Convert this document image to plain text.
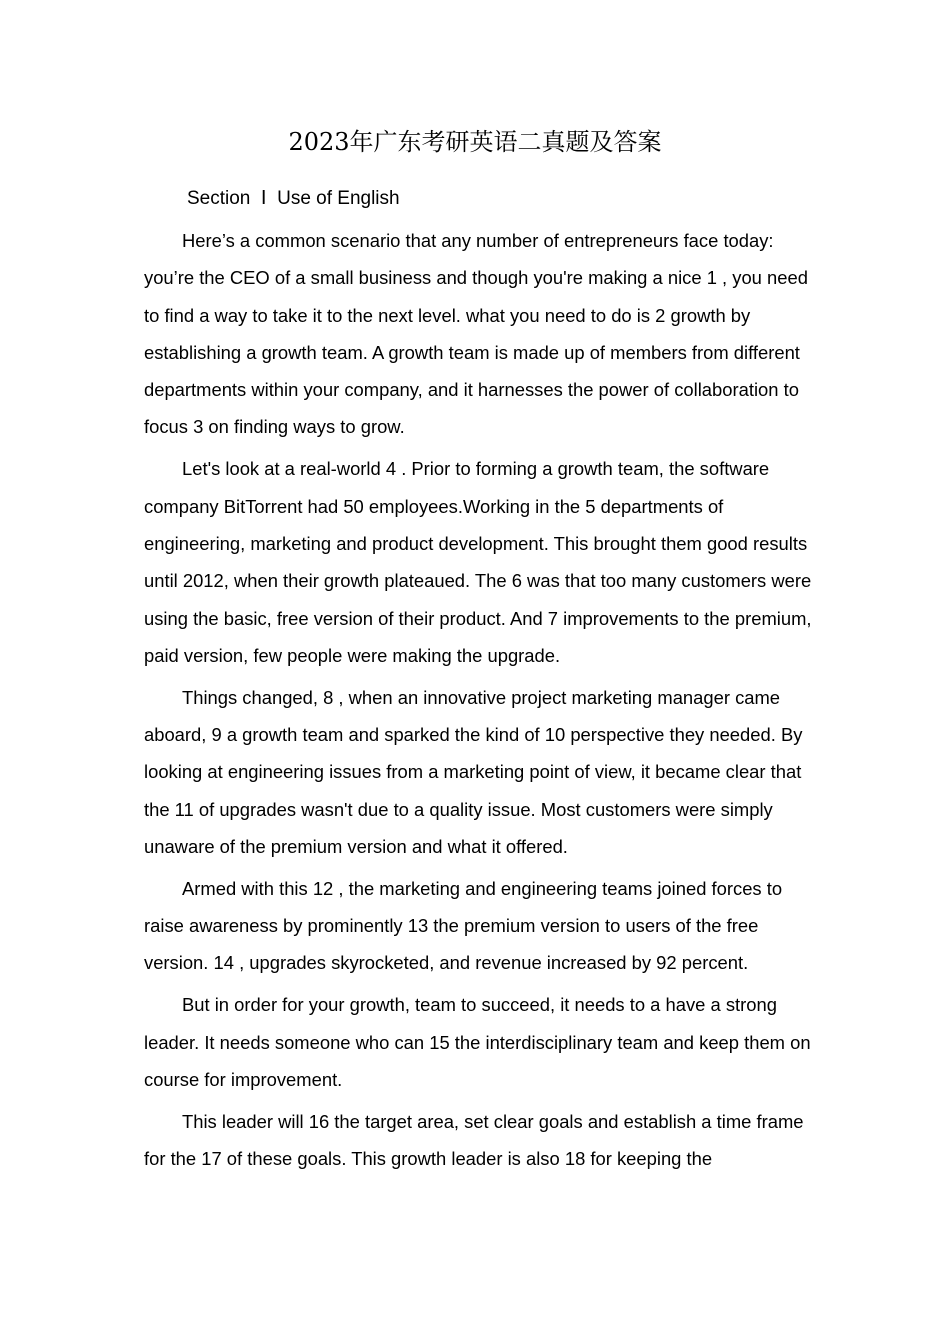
2023年广东考研英语二真题及答案
Section  Ⅰ  Use of English

Here’s a common scenario that any number of entrepreneurs face today: you’re the CEO of a small business and though you're making a nice 1 , you need to find a way to take it to the next level. what you need to do is 2 growth by establishing a growth team. A growth team is made up of members from different departments within your company, and it harnesses the power of collaboration to focus 3 on finding ways to grow.

Let's look at a real-world 4 . Prior to forming a growth team, the software company BitTorrent had 50 employees.Working in the 5 departments of engineering, marketing and product development. This brought them good results until 2012, when their growth plateaued. The 6 was that too many customers were using the basic, free version of their product. And 7 improvements to the premium, paid version, few people were making the upgrade.

Things changed, 8 , when an innovative project marketing manager came aboard, 9 a growth team and sparked the kind of 10 perspective they needed. By looking at engineering issues from a marketing point of view, it became clear that the 11 of upgrades wasn't due to a quality issue. Most customers were simply unaware of the premium version and what it offered.

Armed with this 12 , the marketing and engineering teams joined forces to raise awareness by prominently 13 the premium version to users of the free version. 14 , upgrades skyrocketed, and revenue increased by 92 percent.

But in order for your growth, team to succeed, it needs to a have a strong leader. It needs someone who can 15 the interdisciplinary team and keep them on course for improvement.

This leader will 16 the target area, set clear goals and establish a time frame for the 17 of these goals. This growth leader is also 18 for keeping the
